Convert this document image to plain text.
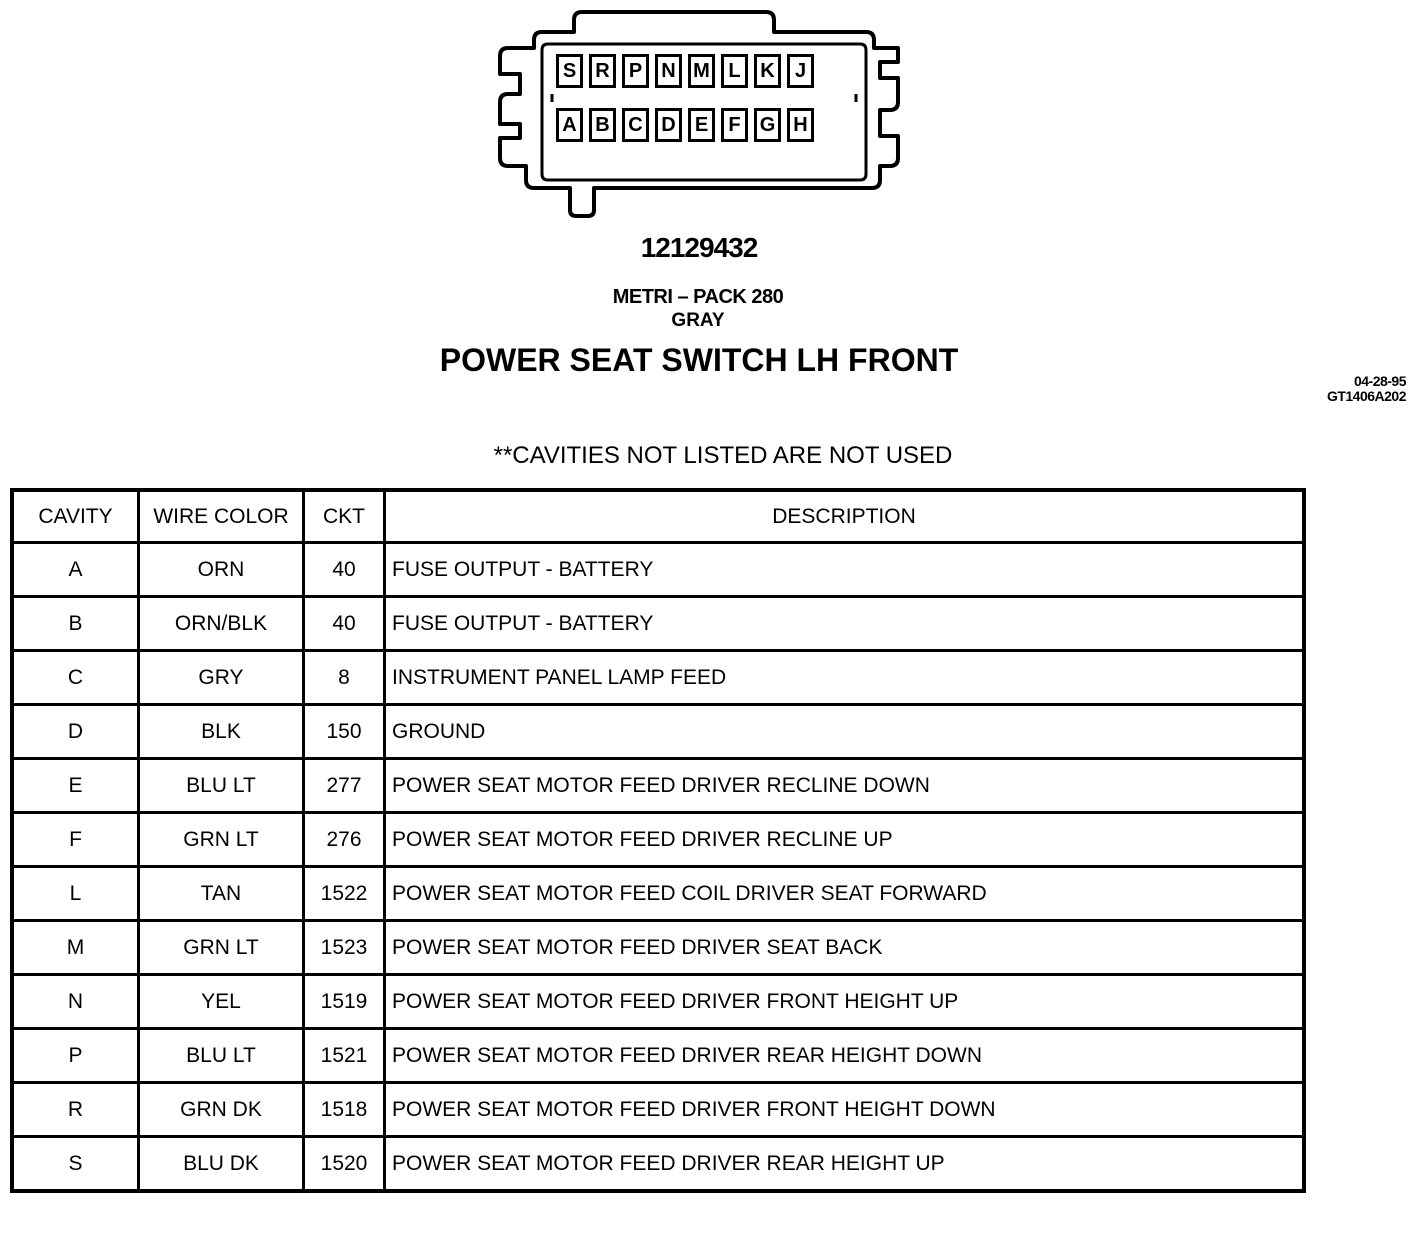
S R P N M L K	J
A B C D E	F G H
12129432
METRI – PACK 280
GRAY
POWER SEAT SWITCH LH FRONT
04-28-95
GT1406A202
**CAVITIES NOT LISTED ARE NOT USED
CAVITY	WIRE COLOR	CKT	DESCRIPTION
A	ORN	40	FUSE OUTPUT - BATTERY
B	ORN/BLK	40	FUSE OUTPUT - BATTERY
C	GRY	8	INSTRUMENT PANEL LAMP FEED
D	BLK	150	GROUND
E	BLU LT	277	POWER SEAT MOTOR FEED DRIVER RECLINE DOWN
F	GRN LT	276	POWER SEAT MOTOR FEED DRIVER RECLINE UP
L	TAN	1522	POWER SEAT MOTOR FEED COIL DRIVER SEAT FORWARD
M	GRN LT	1523	POWER SEAT MOTOR FEED DRIVER SEAT BACK
N	YEL	1519	POWER SEAT MOTOR FEED DRIVER FRONT HEIGHT UP
P	BLU LT	1521	POWER SEAT MOTOR FEED DRIVER REAR HEIGHT DOWN
R	GRN DK	1518	POWER SEAT MOTOR FEED DRIVER FRONT HEIGHT DOWN
S	BLU DK	1520	POWER SEAT MOTOR FEED DRIVER REAR HEIGHT UP
